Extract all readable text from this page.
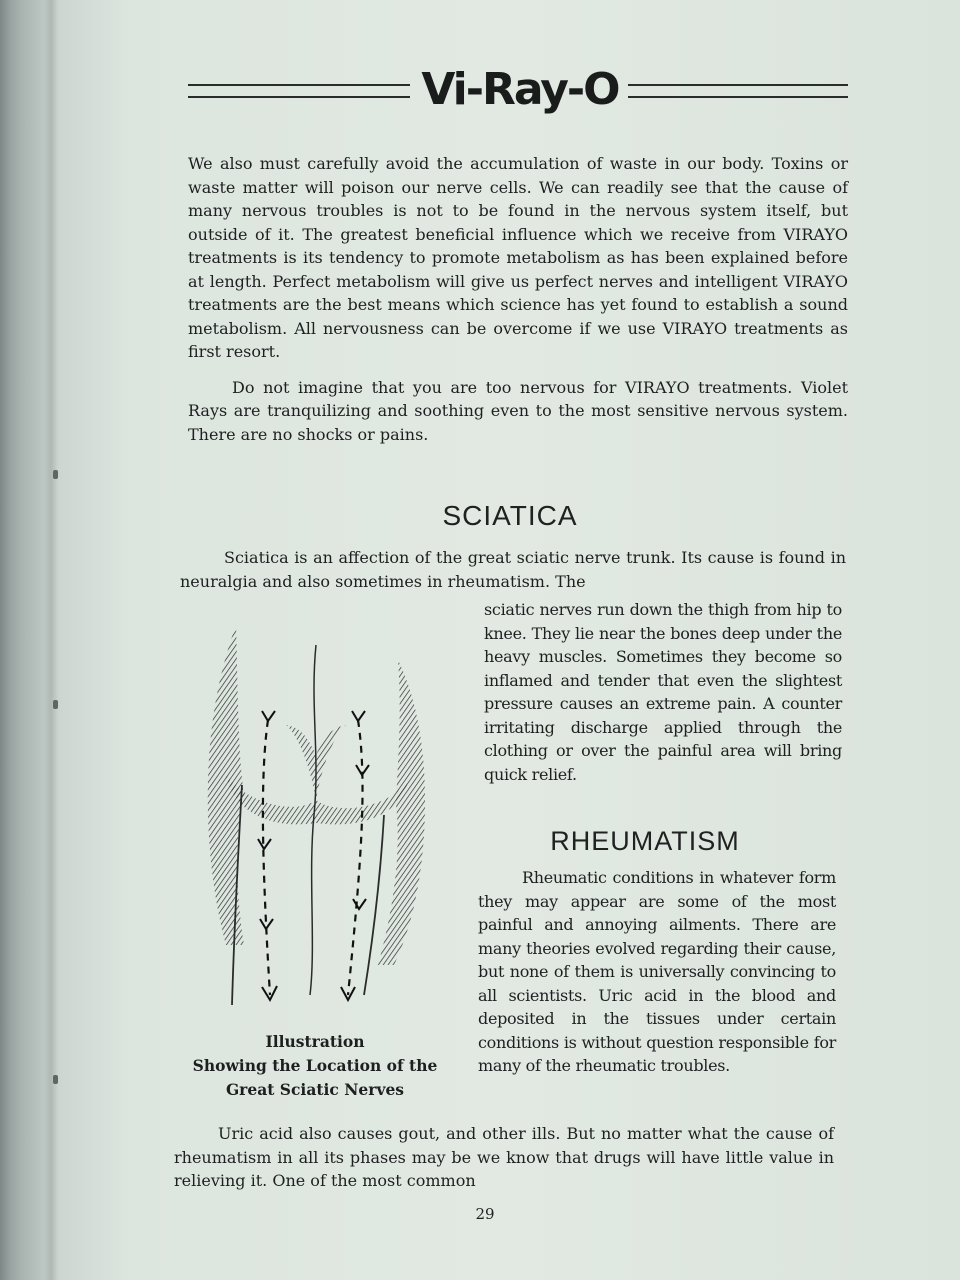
Vi-Ray-O

We also must carefully avoid the accumulation of waste in our body. Toxins or waste matter will poison our nerve cells. We can readily see that the cause of many nervous troubles is not to be found in the nervous system itself, but outside of it. The greatest beneficial influence which we receive from VIRAYO treatments is its tendency to promote metabolism as has been explained before at length. Perfect metabolism will give us perfect nerves and intelligent VIRAYO treatments are the best means which science has yet found to establish a sound metabolism. All nervousness can be overcome if we use VIRAYO treatments as first resort.

Do not imagine that you are too nervous for VIRAYO treatments. Violet Rays are tranquilizing and soothing even to the most sensitive nervous system. There are no shocks or pains.

SCIATICA

Sciatica is an affection of the great sciatic nerve trunk. Its cause is found in neuralgia and also sometimes in rheumatism. The

sciatic nerves run down the thigh from hip to knee. They lie near the bones deep under the heavy muscles. Sometimes they become so inflamed and tender that even the slightest pressure causes an extreme pain. A counter irritating discharge applied through the clothing or over the painful area will bring quick relief.

Illustration
Showing the Location of the
Great Sciatic Nerves
RHEUMATISM

Rheumatic conditions in whatever form they may appear are some of the most painful and annoying ailments. There are many theories evolved regarding their cause, but none of them is universally convincing to all scientists. Uric acid in the blood and deposited in the tissues under certain conditions is without question responsible for many of the rheumatic troubles.

Uric acid also causes gout, and other ills. But no matter what the cause of rheumatism in all its phases may be we know that drugs will have little value in relieving it. One of the most common

29
